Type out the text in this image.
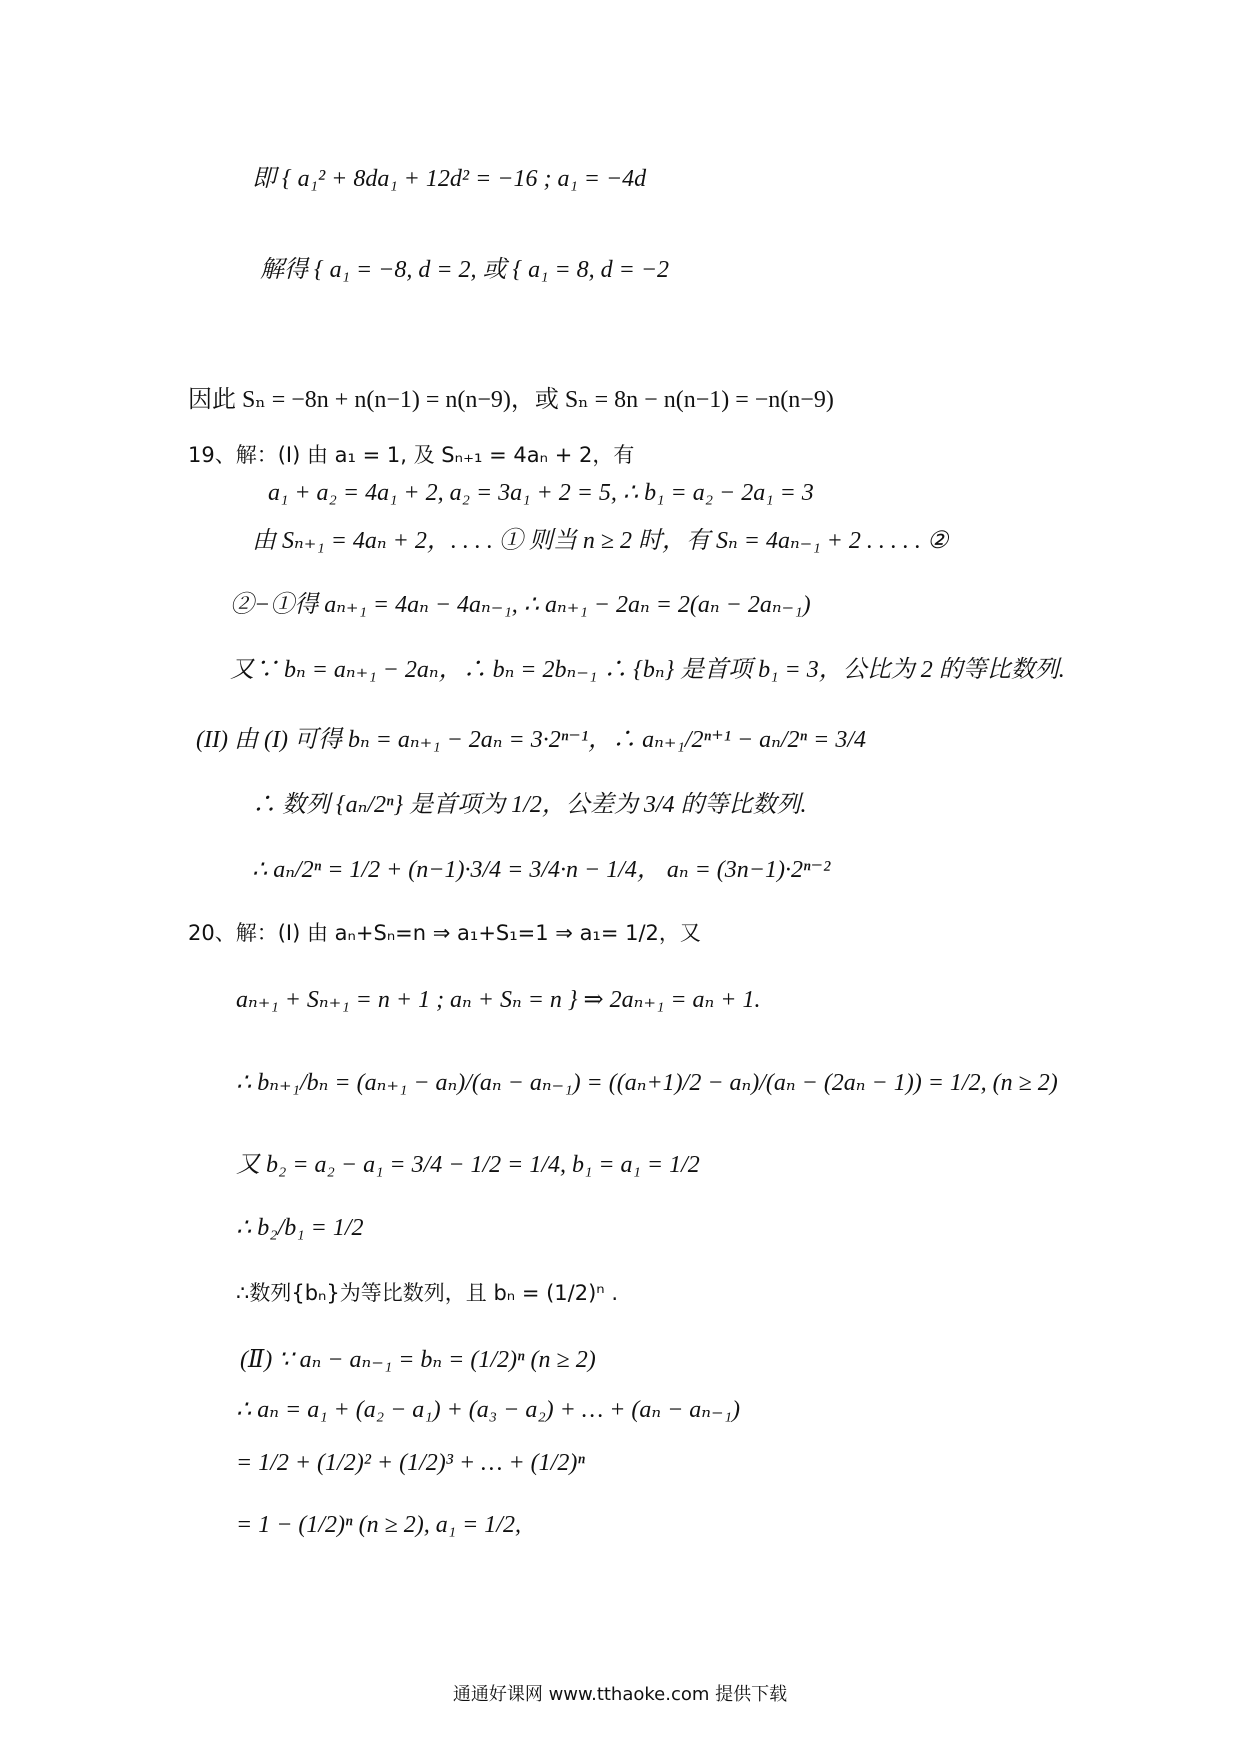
即 { a₁² + 8da₁ + 12d² = −16 ; a₁ = −4d
解得 { a₁ = −8, d = 2, 或 { a₁ = 8, d = −2
因此 Sₙ = −8n + n(n−1) = n(n−9)，或 Sₙ = 8n − n(n−1) = −n(n−9)
19、解：(I) 由 a₁ = 1, 及 Sₙ₊₁ = 4aₙ + 2，有
a₁ + a₂ = 4a₁ + 2, a₂ = 3a₁ + 2 = 5, ∴ b₁ = a₂ − 2a₁ = 3
由 Sₙ₊₁ = 4aₙ + 2，. . . . ① 则当 n ≥ 2 时，有 Sₙ = 4aₙ₋₁ + 2 . . . . . ②
②−①得 aₙ₊₁ = 4aₙ − 4aₙ₋₁, ∴ aₙ₊₁ − 2aₙ = 2(aₙ − 2aₙ₋₁)
又∵ bₙ = aₙ₊₁ − 2aₙ，∴ bₙ = 2bₙ₋₁ ∴ {bₙ} 是首项 b₁ = 3，公比为 2 的等比数列.
(II) 由 (I) 可得 bₙ = aₙ₊₁ − 2aₙ = 3·2ⁿ⁻¹，∴ aₙ₊₁/2ⁿ⁺¹ − aₙ/2ⁿ = 3/4
∴ 数列 {aₙ/2ⁿ} 是首项为 1/2，公差为 3/4 的等比数列.
∴ aₙ/2ⁿ = 1/2 + (n−1)·3/4 = 3/4·n − 1/4， aₙ = (3n−1)·2ⁿ⁻²
20、解：(Ⅰ) 由 aₙ+Sₙ=n ⇒ a₁+S₁=1 ⇒ a₁= 1/2，又
aₙ₊₁ + Sₙ₊₁ = n + 1 ; aₙ + Sₙ = n } ⇒ 2aₙ₊₁ = aₙ + 1.
∴ bₙ₊₁/bₙ = (aₙ₊₁ − aₙ)/(aₙ − aₙ₋₁) = ((aₙ+1)/2 − aₙ)/(aₙ − (2aₙ − 1)) = 1/2, (n ≥ 2)
又 b₂ = a₂ − a₁ = 3/4 − 1/2 = 1/4, b₁ = a₁ = 1/2
∴ b₂/b₁ = 1/2
∴数列{bₙ}为等比数列，且 bₙ = (1/2)ⁿ .
(Ⅱ) ∵ aₙ − aₙ₋₁ = bₙ = (1/2)ⁿ (n ≥ 2)
∴ aₙ = a₁ + (a₂ − a₁) + (a₃ − a₂) + … + (aₙ − aₙ₋₁)
= 1/2 + (1/2)² + (1/2)³ + … + (1/2)ⁿ
= 1 − (1/2)ⁿ (n ≥ 2), a₁ = 1/2,
通通好课网 www.tthaoke.com 提供下载
